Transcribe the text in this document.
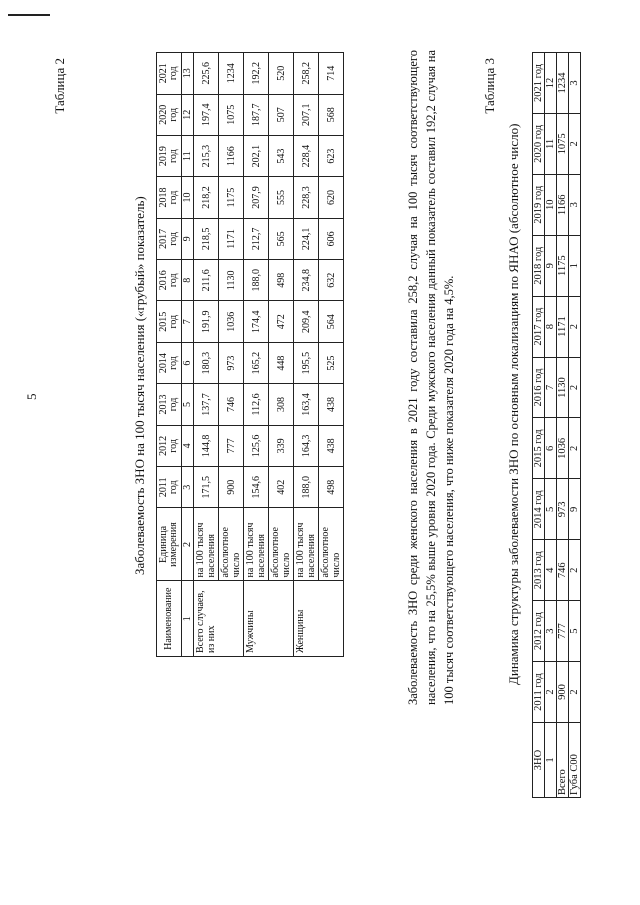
5
Таблица 2
Заболеваемость ЗНО на 100 тысяч населения («грубый» показатель)
Наименование	Единица измерения	2011 год	2012 год	2013 год	2014 год	2015 год	2016 год	2017 год	2018 год	2019 год	2020 год	2021 год
1	2	3	4	5	6	7	8	9	10	11	12	13
Всего случаев, из них	на 100 тысяч населения	171,5	144,8	137,7	180,3	191,9	211,6	218,5	218,2	215,3	197,4	225,6
	абсолютное число	900	777	746	973	1036	1130	1171	1175	1166	1075	1234
Мужчины	на 100 тысяч населения	154,6	125,6	112,6	165,2	174,4	188,0	212,7	207,9	202,1	187,7	192,2
	абсолютное число	402	339	308	448	472	498	565	555	543	507	520
Женщины	на 100 тысяч населения	188,0	164,3	163,4	195,5	209,4	234,8	224,1	228,3	228,4	207,1	258,2
	абсолютное число	498	438	438	525	564	632	606	620	623	568	714	Заболеваемость ЗНО среди женского населения в 2021 году составила 258,2 случая на 100 тысяч соответствующего населения, что на 25,5% выше уровня 2020 года. Среди мужского населения данный показатель составил 192,2 случая на 100 тысяч соответствующего населения, что ниже показателя 2020 года на 4,5%.
Таблица 3
Динамика структуры заболеваемости ЗНО по основным локализациям по ЯНАО (абсолютное число)
ЗНО	2011 год	2012 год	2013 год	2014 год	2015 год	2016 год	2017 год	2018 год	2019 год	2020 год	2021 год
1	2	3	4	5	6	7	8	9	10	11	12
Всего	900	777	746	973	1036	1130	1171	1175	1166	1075	1234
Губа С00	2	5	2	9	2	2	2	1	3	2	3
